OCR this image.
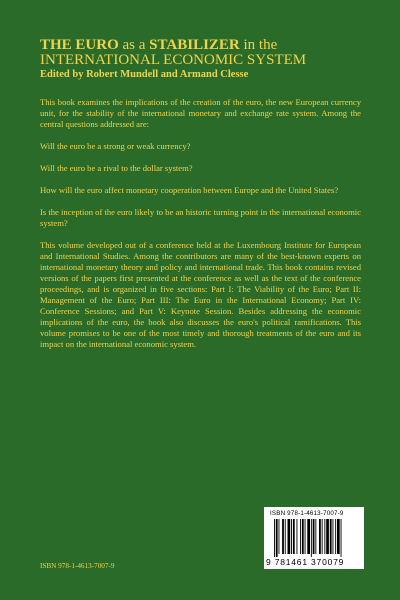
THE EURO as a STABILIZER in the
INTERNATIONAL ECONOMIC SYSTEM
Edited by Robert Mundell and Armand Clesse

This book examines the implications of the creation of the euro, the new European currency unit, for the stability of the international monetary and exchange rate system. Among the central questions addressed are:

Will the euro be a strong or weak currency?

Will the euro be a rival to the dollar system?

How will the euro affect monetary cooperation between Europe and the United States?

Is the inception of the euro likely to be an historic turning point in the international economic system?

This volume developed out of a conference held at the Luxembourg Institute for European and International Studies. Among the contributors are many of the best-known experts on international monetary theory and policy and international trade. This book contains revised versions of the papers first presented at the conference as well as the text of the conference proceedings, and is organized in five sections: Part I: The Viability of the Euro; Part II: Management of the Euro; Part III: The Euro in the International Economy; Part IV: Conference Sessions; and Part V: Keynote Session. Besides addressing the economic implications of the euro, the book also discusses the euro's political ramifications. This volume promises to be one of the most timely and thorough treatments of the euro and its impact on the international economic system.

ISBN 978-1-4613-7007-9
9 781461 370079
ISBN 978-1-4613-7007-9
